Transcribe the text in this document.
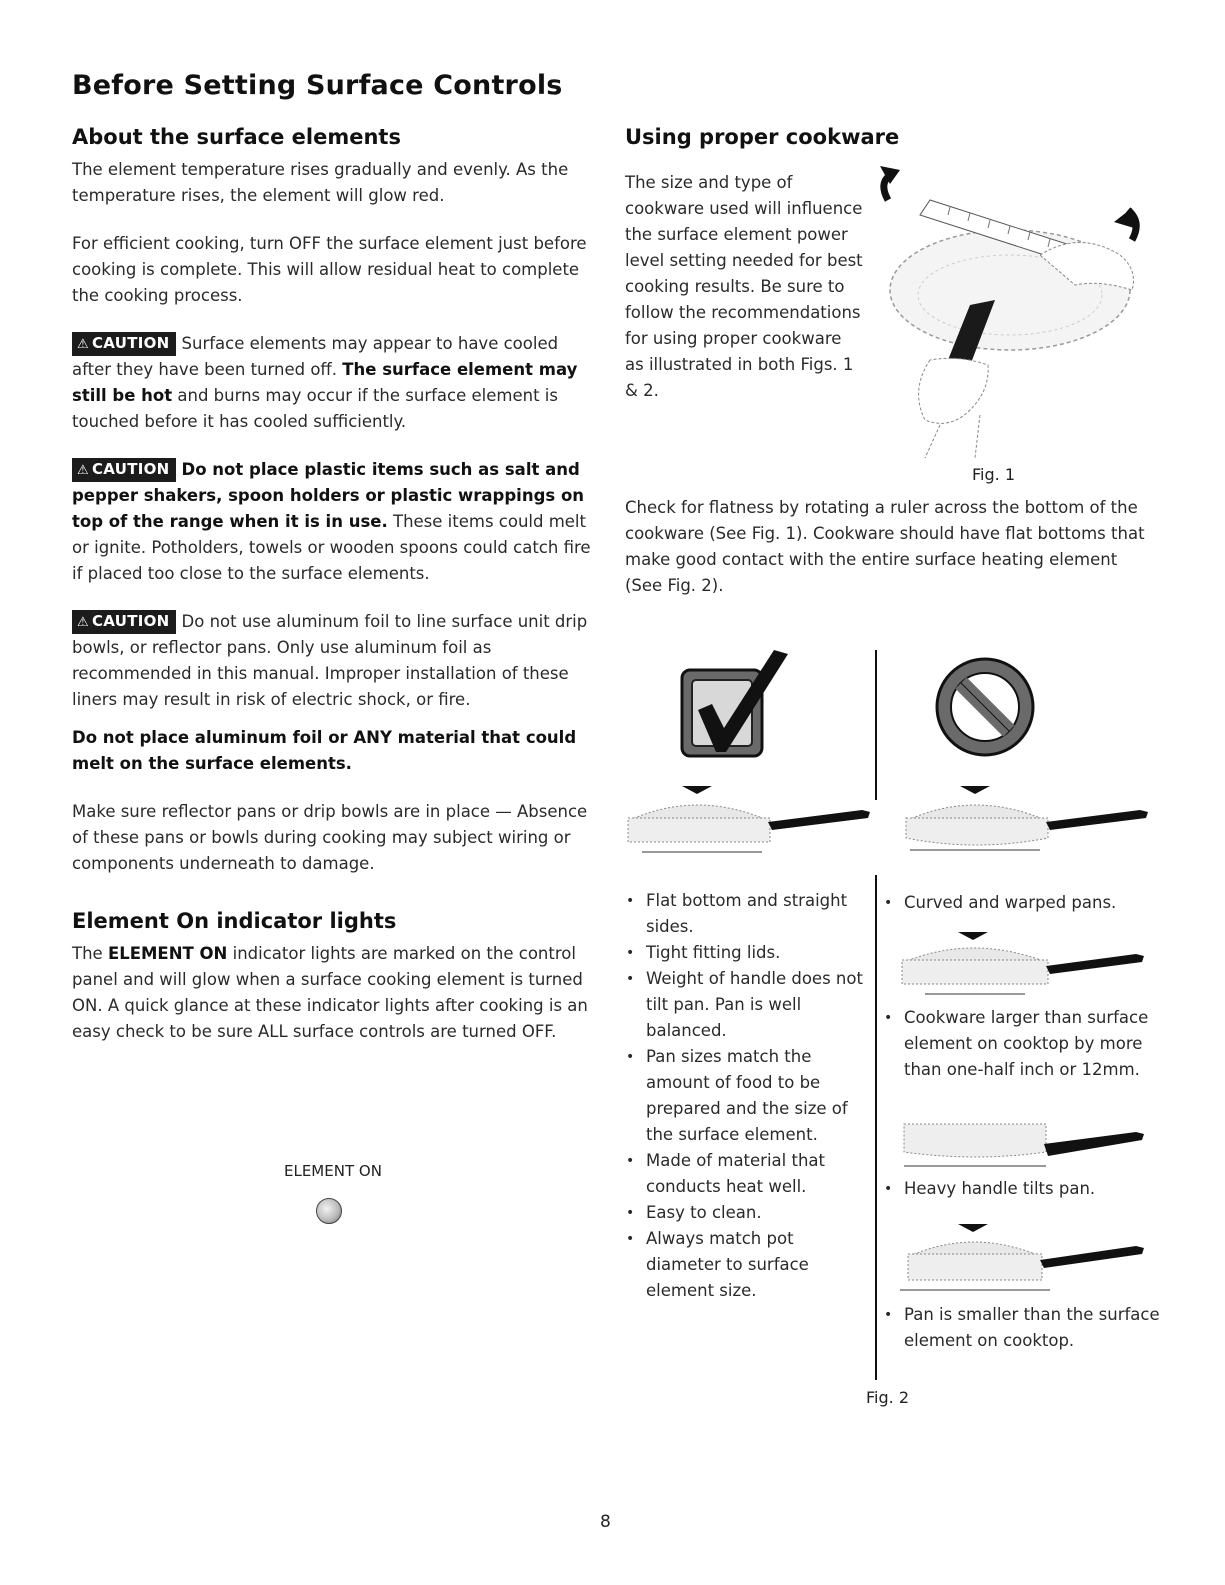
Before Setting Surface Controls
About the surface elements

The element temperature rises gradually and evenly. As the temperature rises, the element will glow red.

For efficient cooking, turn OFF the surface element just before cooking is complete. This will allow residual heat to complete the cooking process.

⚠ CAUTION Surface elements may appear to have cooled after they have been turned off. The surface element may still be hot and burns may occur if the surface element is touched before it has cooled sufficiently.

⚠ CAUTION Do not place plastic items such as salt and pepper shakers, spoon holders or plastic wrappings on top of the range when it is in use. These items could melt or ignite. Potholders, towels or wooden spoons could catch fire if placed too close to the surface elements.

⚠ CAUTION Do not use aluminum foil to line surface unit drip bowls, or reflector pans. Only use aluminum foil as recommended in this manual. Improper installation of these liners may result in risk of electric shock, or fire.

Do not place aluminum foil or ANY material that could melt on the surface elements.

Make sure reflector pans or drip bowls are in place — Absence of these pans or bowls during cooking may subject wiring or components underneath to damage.

Element On indicator lights

The ELEMENT ON indicator lights are marked on the control panel and will glow when a surface cooking element is turned ON. A quick glance at these indicator lights after cooking is an easy check to be sure ALL surface controls are turned OFF.

ELEMENT ON
Using proper cookware

The size and type of cookware used will influence the surface element power level setting needed for best cooking results. Be sure to follow the recommendations for using proper cookware as illustrated in both Figs. 1 & 2.

Fig. 1

Check for flatness by rotating a ruler across the bottom of the cookware (See Fig. 1). Cookware should have flat bottoms that make good contact with the entire surface heating element (See Fig. 2).

• Flat bottom and straight sides.
• Tight fitting lids.
• Weight of handle does not tilt pan. Pan is well balanced.
• Pan sizes match the amount of food to be prepared and the size of the surface element.
• Made of material that conducts heat well.
• Easy to clean.
• Always match pot diameter to surface element size.
• Curved and warped pans.
• Cookware larger than surface element on cooktop by more than one-half inch or 12mm.
• Heavy handle tilts pan.
• Pan is smaller than the surface element on cooktop.
Fig. 2
8
